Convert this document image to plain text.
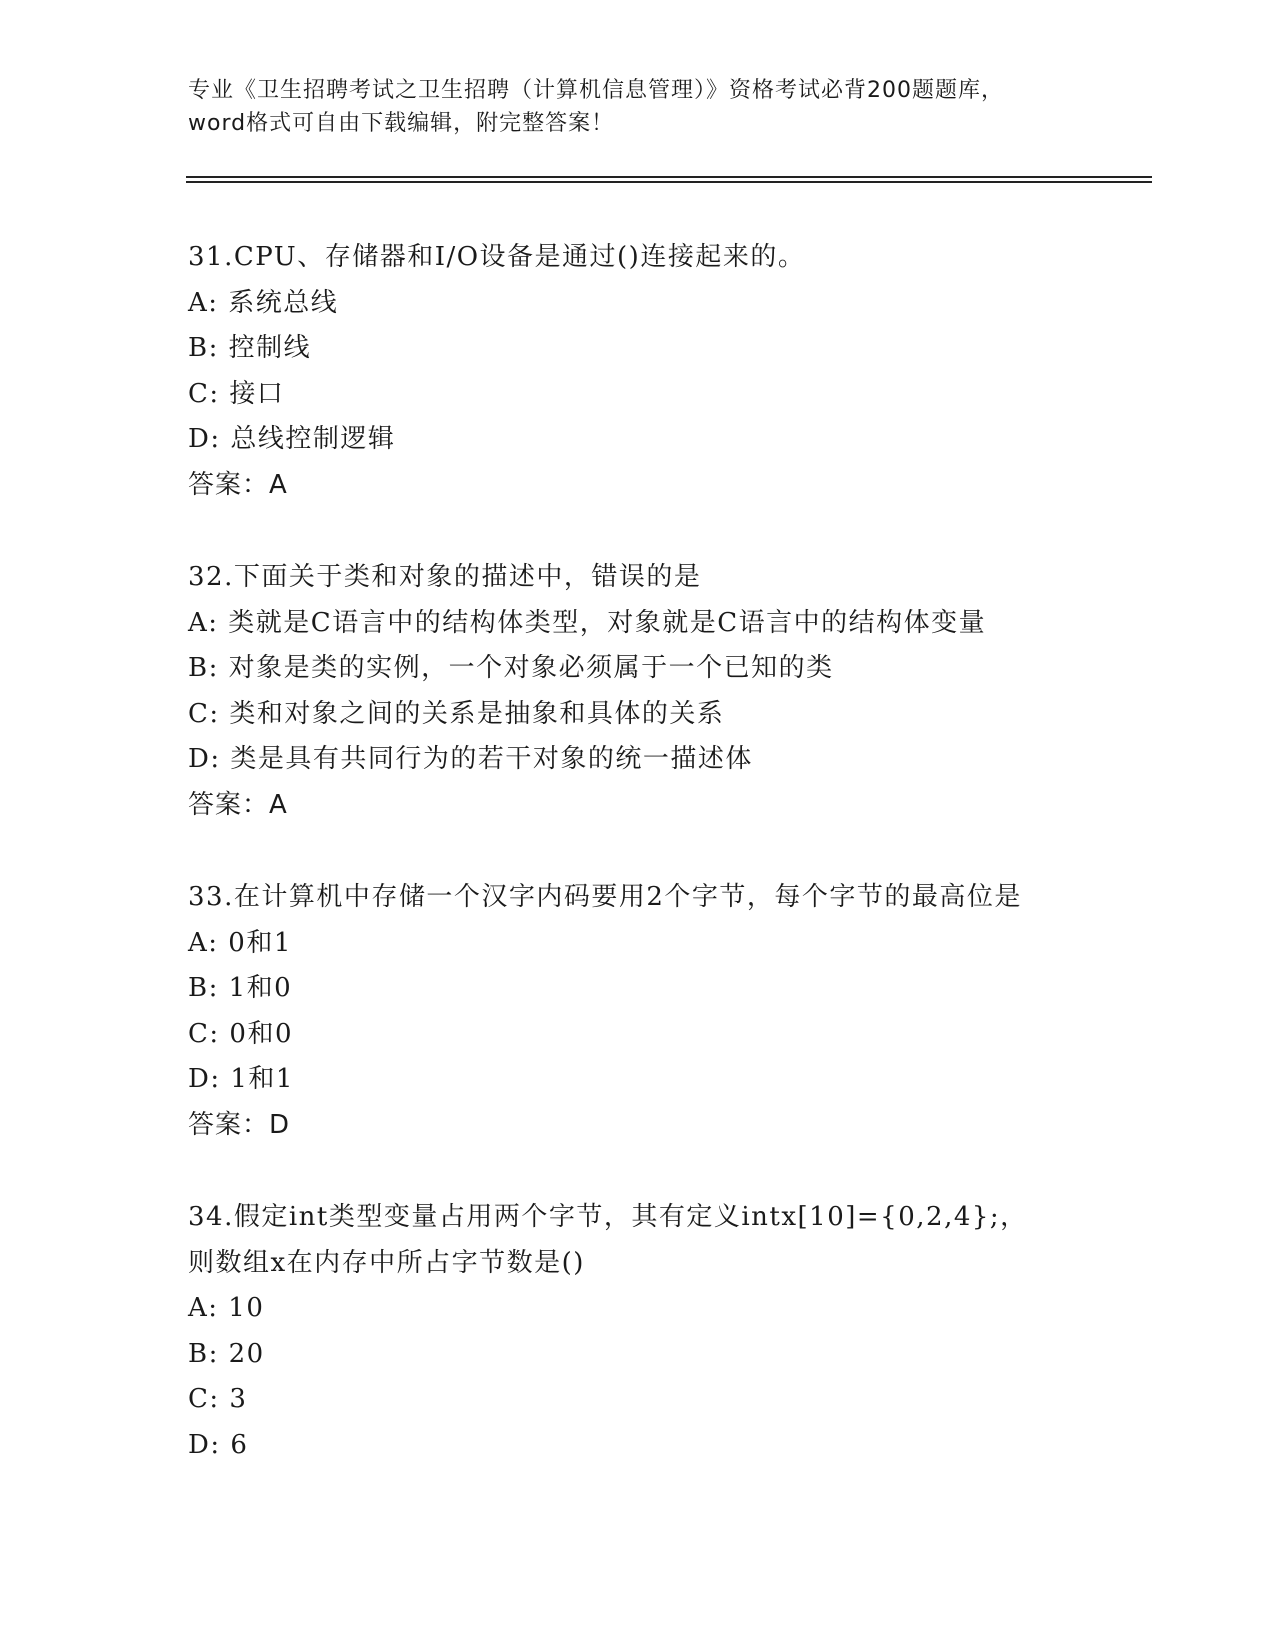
专业《卫生招聘考试之卫生招聘（计算机信息管理）》资格考试必背200题题库，
word格式可自由下载编辑，附完整答案！
31.CPU、存储器和I/O设备是通过()连接起来的。
A: 系统总线
B: 控制线
C: 接口
D: 总线控制逻辑
答案：A
32.下面关于类和对象的描述中，错误的是
A: 类就是C语言中的结构体类型，对象就是C语言中的结构体变量
B: 对象是类的实例，一个对象必须属于一个已知的类
C: 类和对象之间的关系是抽象和具体的关系
D: 类是具有共同行为的若干对象的统一描述体
答案：A
33.在计算机中存储一个汉字内码要用2个字节，每个字节的最高位是
A: 0和1
B: 1和0
C: 0和0
D: 1和1
答案：D
34.假定int类型变量占用两个字节，其有定义intx[10]={0,2,4};，
则数组x在内存中所占字节数是()
A: 10
B: 20
C: 3
D: 6
